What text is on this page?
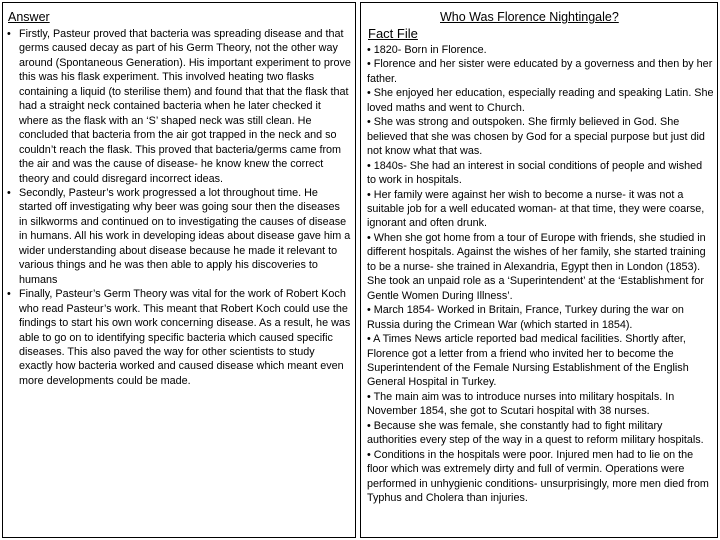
Answer
• Firstly, Pasteur proved that bacteria was spreading disease and that germs caused decay as part of his Germ Theory, not the other way around (Spontaneous Generation). His important experiment to prove this was his flask experiment. This involved heating two flasks containing a liquid (to sterilise them) and found that that the flask that had a straight neck contained bacteria when he later checked it where as the flask with an ‘S’ shaped neck was still clean. He concluded that bacteria from the air got trapped in the neck and so couldn’t reach the flask. This proved that bacteria/germs came from the air and was the cause of disease- he know knew the correct theory and could disregard incorrect ideas.
• Secondly, Pasteur’s work progressed a lot throughout time. He started off investigating why beer was going sour then the diseases in silkworms and continued on to investigating the causes of disease in humans. All his work in developing ideas about disease gave him a wider understanding about disease because he made it relevant to various things and he was then able to apply his discoveries to humans
• Finally, Pasteur’s Germ Theory was vital for the work of Robert Koch who read Pasteur’s work. This meant that Robert Koch could use the findings to start his own work concerning disease. As a result, he was able to go on to identifying specific bacteria which caused specific diseases. This also paved the way for other scientists to study exactly how bacteria worked and caused disease which meant even more developments could be made.
Who Was Florence Nightingale?
Fact File
• 1820- Born in Florence.
• Florence and her sister were educated by a governess and then by her father.
• She enjoyed her education, especially reading and speaking Latin. She loved maths and went to Church.
• She was strong and outspoken. She firmly believed in God. She believed that she was chosen by God for a special purpose but just did not know what that was.
• 1840s- She had an interest in social conditions of people and wished to work in hospitals.
• Her family were against her wish to become a nurse- it was not a suitable job for a well educated woman- at that time, they were coarse, ignorant and often drunk.
• When she got home from a tour of Europe with friends, she studied in different hospitals. Against the wishes of her family, she started training to be a nurse- she trained in Alexandria, Egypt then in London (1853). She took an unpaid role as a ‘Superintendent’ at the ‘Establishment for Gentle Women During Illness’.
• March 1854- Worked in Britain, France, Turkey during the war on Russia during the Crimean War (which started in 1854).
• A Times News article reported bad medical facilities. Shortly after, Florence got a letter from a friend who invited her to become the Superintendent of the Female Nursing Establishment of the English General Hospital in Turkey.
• The main aim was to introduce nurses into military hospitals. In November 1854, she got to Scutari hospital with 38 nurses.
• Because she was female, she constantly had to fight military authorities every step of the way in a quest to reform military hospitals.
• Conditions in the hospitals were poor. Injured men had to lie on the floor which was extremely dirty and full of vermin. Operations were performed in unhygienic conditions- unsurprisingly, more men died from Typhus and Cholera than injuries.
